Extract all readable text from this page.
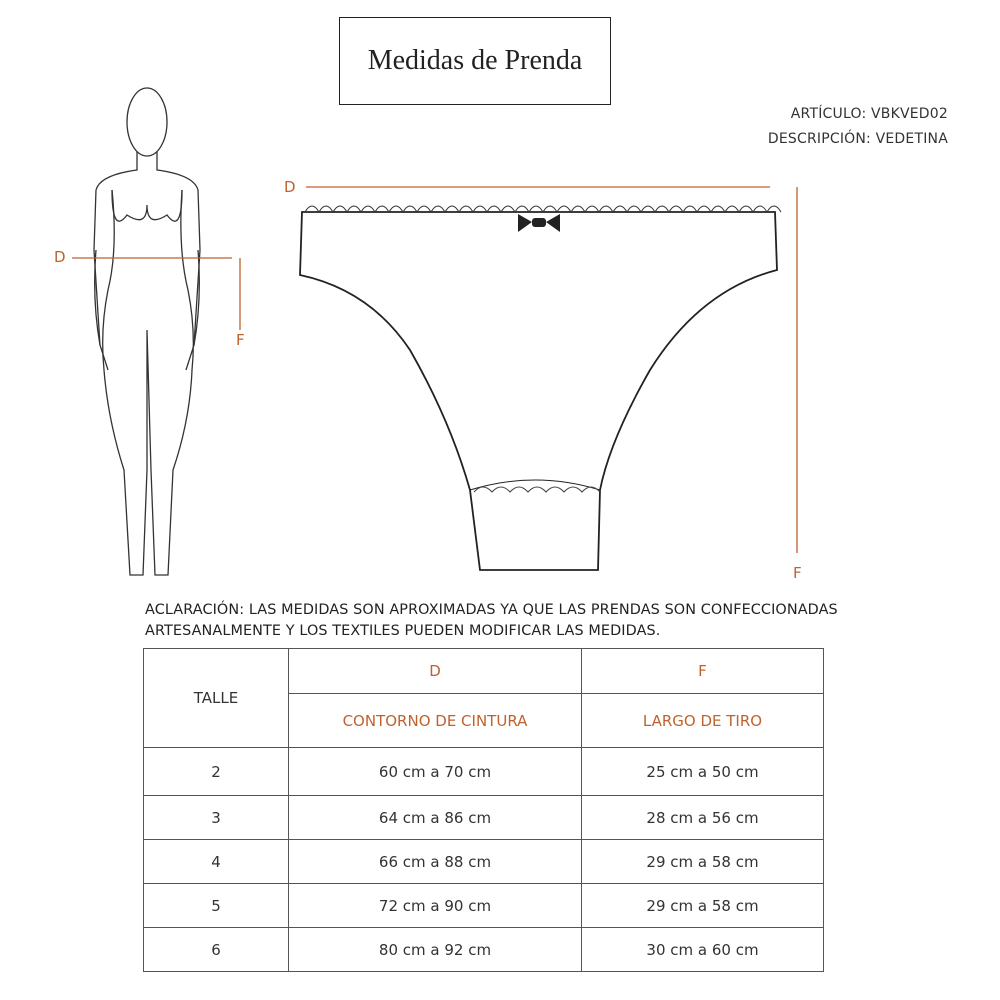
Medidas de Prenda
ARTÍCULO: VBKVED02
DESCRIPCIÓN: VEDETINA
D
F
D
F
ACLARACIÓN: LAS MEDIDAS SON APROXIMADAS YA QUE LAS PRENDAS SON CONFECCIONADAS ARTESANALMENTE Y LOS TEXTILES PUEDEN MODIFICAR LAS MEDIDAS.
TALLE	D	F
	CONTORNO DE CINTURA	LARGO DE TIRO
2	60 cm a 70 cm	25 cm a 50 cm
3	64 cm a 86 cm	28 cm a 56 cm
4	66 cm a 88 cm	29 cm a 58 cm
5	72 cm a 90 cm	29 cm a 58 cm
6	80 cm a 92 cm	30 cm a 60 cm
